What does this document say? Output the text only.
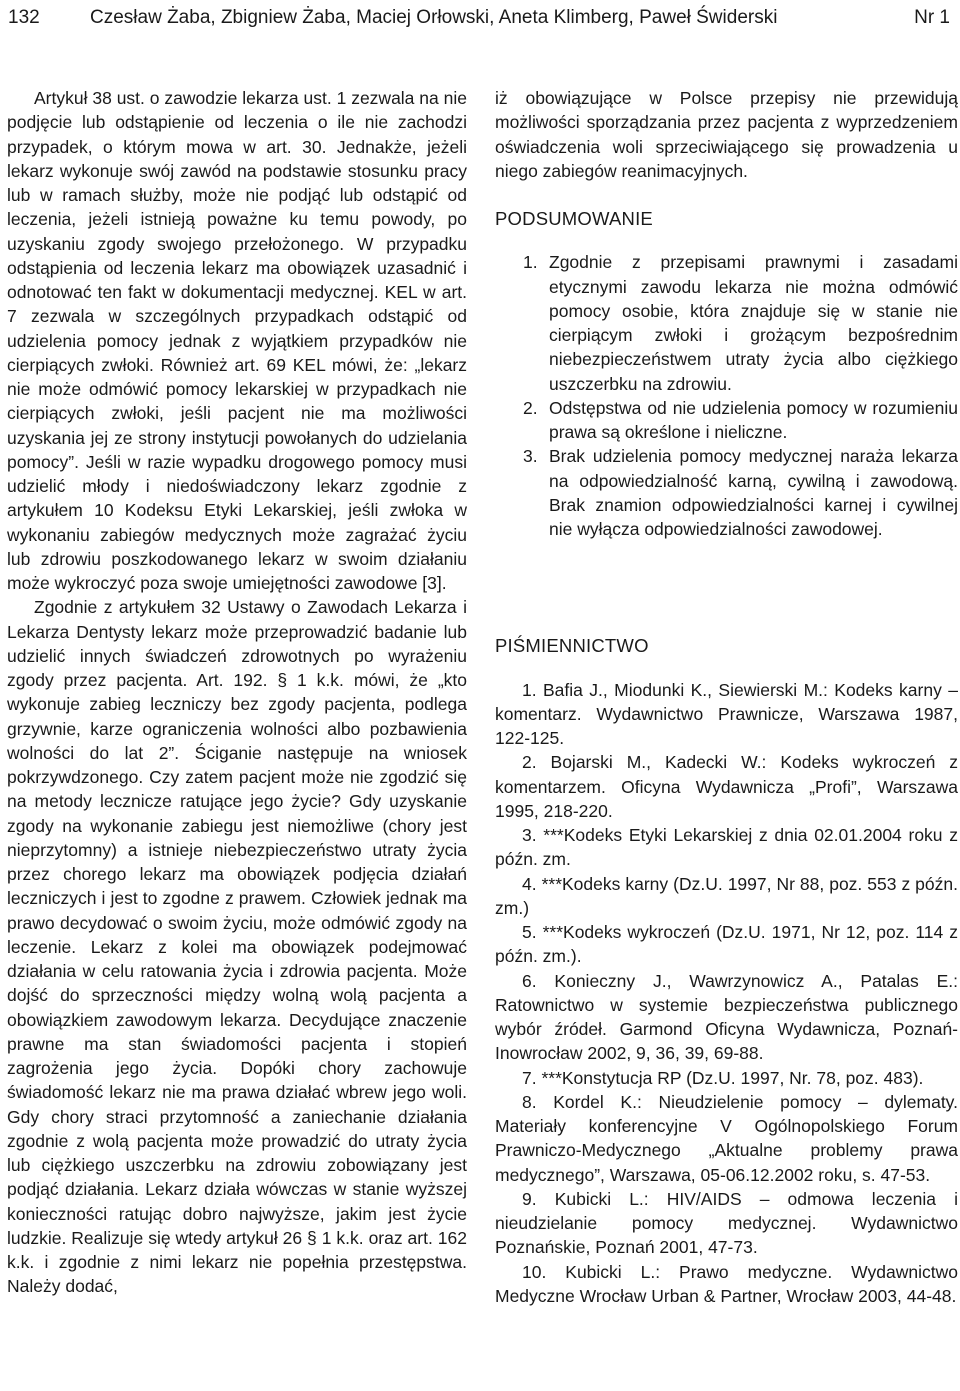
132	Czesław Żaba, Zbigniew Żaba, Maciej Orłowski, Aneta Klimberg, Paweł Świderski	Nr 1

Artykuł 38 ust. o zawodzie lekarza ust. 1 zezwala na nie podjęcie lub odstąpienie od leczenia o ile nie zachodzi przypadek, o którym mowa w art. 30. Jednakże, jeżeli lekarz wykonuje swój zawód na podstawie stosunku pracy lub w ramach służby, może nie podjąć lub odstąpić od leczenia, jeżeli istnieją poważne ku temu powody, po uzyskaniu zgody swojego przełożonego. W przypadku odstąpienia od leczenia lekarz ma obowiązek uzasadnić i odnotować ten fakt w dokumentacji medycznej. KEL w art. 7 zezwala w szczególnych przypadkach odstąpić od udzielenia pomocy jednak z wyjątkiem przypadków nie cierpiących zwłoki. Również art. 69 KEL mówi, że: „lekarz nie może odmówić pomocy lekarskiej w przypadkach nie cierpiących zwłoki, jeśli pacjent nie ma możliwości uzyskania jej ze strony instytucji powołanych do udzielania pomocy”. Jeśli w razie wypadku drogowego pomocy musi udzielić młody i niedoświadczony lekarz zgodnie z artykułem 10 Kodeksu Etyki Lekarskiej, jeśli zwłoka w wykonaniu zabiegów medycznych może zagrażać życiu lub zdrowiu poszkodowanego lekarz w swoim działaniu może wykroczyć poza swoje umiejętności zawodowe [3].

Zgodnie z artykułem 32 Ustawy o Zawodach Lekarza i Lekarza Dentysty lekarz może przeprowadzić badanie lub udzielić innych świadczeń zdrowotnych po wyrażeniu zgody przez pacjenta. Art. 192. § 1 k.k. mówi, że „kto wykonuje zabieg leczniczy bez zgody pacjenta, podlega grzywnie, karze ograniczenia wolności albo pozbawienia wolności do lat 2”. Ściganie następuje na wniosek pokrzywdzonego. Czy zatem pacjent może nie zgodzić się na metody lecznicze ratujące jego życie? Gdy uzyskanie zgody na wykonanie zabiegu jest niemożliwe (chory jest nieprzytomny) a istnieje niebezpieczeństwo utraty życia przez chorego lekarz ma obowiązek podjęcia działań leczniczych i jest to zgodne z prawem. Człowiek jednak ma prawo decydować o swoim życiu, może odmówić zgody na leczenie. Lekarz z kolei ma obowiązek podejmować działania w celu ratowania życia i zdrowia pacjenta. Może dojść do sprzeczności między wolną wolą pacjenta a obowiązkiem zawodowym lekarza. Decydujące znaczenie prawne ma stan świadomości pacjenta i stopień zagrożenia jego życia. Dopóki chory zachowuje świadomość lekarz nie ma prawa działać wbrew jego woli. Gdy chory straci przytomność a zaniechanie działania zgodnie z wolą pacjenta może prowadzić do utraty życia lub ciężkiego uszczerbku na zdrowiu zobowiązany jest podjąć działania. Lekarz działa wówczas w stanie wyższej konieczności ratując dobro najwyższe, jakim jest życie ludzkie. Realizuje się wtedy artykuł 26 § 1 k.k. oraz art. 162 k.k. i zgodnie z nimi lekarz nie popełnia przestępstwa. Należy dodać,

iż obowiązujące w Polsce przepisy nie przewidują możliwości sporządzania przez pacjenta z wyprzedzeniem oświadczenia woli sprzeciwiającego się prowadzenia u niego zabiegów reanimacyjnych.

PODSUMOWANIE
1. Zgodnie z przepisami prawnymi i zasadami etycznymi zawodu lekarza nie można odmówić pomocy osobie, która znajduje się w stanie nie cierpiącym zwłoki i grożącym bezpośrednim niebezpieczeństwem utraty życia albo ciężkiego uszczerbku na zdrowiu.
2. Odstępstwa od nie udzielenia pomocy w rozumieniu prawa są określone i nieliczne.
3. Brak udzielenia pomocy medycznej naraża lekarza na odpowiedzialność karną, cywilną i zawodową. Brak znamion odpowiedzialności karnej i cywilnej nie wyłącza odpowiedzialności zawodowej.
PIŚMIENNICTWO

1. Bafia J., Miodunki K., Siewierski M.: Kodeks karny – komentarz. Wydawnictwo Prawnicze, Warszawa 1987, 122-125.

2. Bojarski M., Kadecki W.: Kodeks wykroczeń z komentarzem. Oficyna Wydawnicza „Profi”, Warszawa 1995, 218-220.

3. ***Kodeks Etyki Lekarskiej z dnia 02.01.2004 roku z późn. zm.

4. ***Kodeks karny (Dz.U. 1997, Nr 88, poz. 553 z późn. zm.)

5. ***Kodeks wykroczeń (Dz.U. 1971, Nr 12, poz. 114 z późn. zm.).

6. Konieczny J., Wawrzynowicz A., Patalas E.: Ratownictwo w systemie bezpieczeństwa publicznego wybór źródeł. Garmond Oficyna Wydawnicza, Poznań-Inowrocław 2002, 9, 36, 39, 69-88.

7. ***Konstytucja RP (Dz.U. 1997, Nr. 78, poz. 483).

8. Kordel K.: Nieudzielenie pomocy – dylematy. Materiały konferencyjne V Ogólnopolskiego Forum Prawniczo-Medycznego „Aktualne problemy prawa medycznego”, Warszawa, 05-06.12.2002 roku, s. 47-53.

9. Kubicki L.: HIV/AIDS – odmowa leczenia i nieudzielanie pomocy medycznej. Wydawnictwo Poznańskie, Poznań 2001, 47-73.

10. Kubicki L.: Prawo medyczne. Wydawnictwo Medyczne Wrocław Urban & Partner, Wrocław 2003, 44-48.
